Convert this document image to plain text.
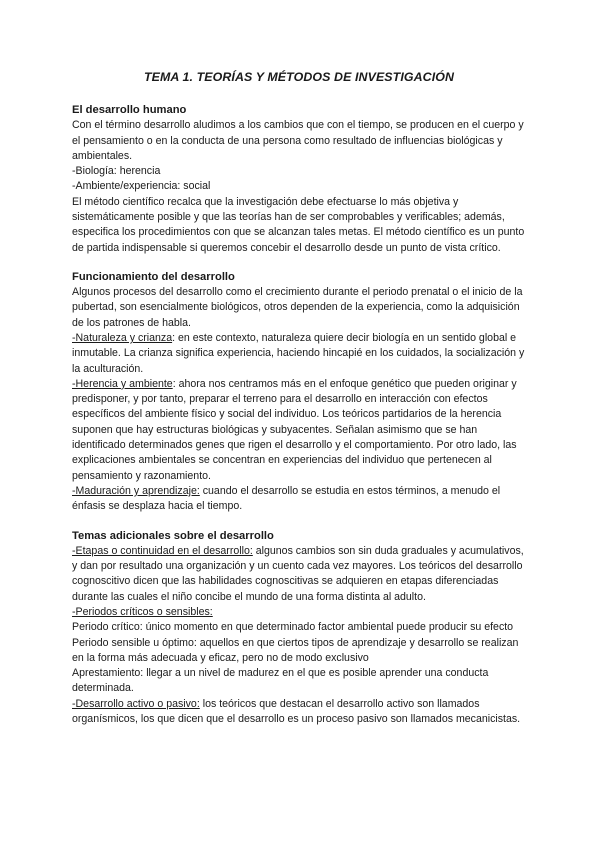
TEMA 1. TEORÍAS Y MÉTODOS DE INVESTIGACIÓN
El desarrollo humano

Con el término desarrollo aludimos a los cambios que con el tiempo, se producen en el cuerpo y el pensamiento o en la conducta de una persona como resultado de influencias biológicas y ambientales.

-Biología: herencia

-Ambiente/experiencia: social

El método científico recalca que la investigación debe efectuarse lo más objetiva y sistemáticamente posible y que las teorías han de ser comprobables y verificables; además, especifica los procedimientos con que se alcanzan tales metas. El método científico es un punto de partida indispensable si queremos concebir el desarrollo desde un punto de vista crítico.

Funcionamiento del desarrollo

Algunos procesos del desarrollo como el crecimiento durante el periodo prenatal o el inicio de la pubertad, son esencialmente biológicos, otros dependen de la experiencia, como la adquisición de los patrones de habla.

-Naturaleza y crianza: en este contexto, naturaleza quiere decir biología en un sentido global e inmutable. La crianza significa experiencia, haciendo hincapié en los cuidados, la socialización y la aculturación.

-Herencia y ambiente: ahora nos centramos más en el enfoque genético que pueden originar y predisponer, y por tanto, preparar el terreno para el desarrollo en interacción con efectos específicos del ambiente físico y social del individuo. Los teóricos partidarios de la herencia suponen que hay estructuras biológicas y subyacentes. Señalan asimismo que se han identificado determinados genes que rigen el desarrollo y el comportamiento. Por otro lado, las explicaciones ambientales se concentran en experiencias del individuo que pertenecen al pensamiento y razonamiento.

-Maduración y aprendizaje: cuando el desarrollo se estudia en estos términos, a menudo el énfasis se desplaza hacia el tiempo.

Temas adicionales sobre el desarrollo

-Etapas o continuidad en el desarrollo: algunos cambios son sin duda graduales y acumulativos, y dan por resultado una organización y un cuento cada vez mayores. Los teóricos del desarrollo cognoscitivo dicen que las habilidades cognoscitivas se adquieren en etapas diferenciadas durante las cuales el niño concibe el mundo de una forma distinta al adulto.

-Periodos críticos o sensibles:

Periodo crítico: único momento en que determinado factor ambiental puede producir su efecto

Periodo sensible u óptimo: aquellos en que ciertos tipos de aprendizaje y desarrollo se realizan en la forma más adecuada y eficaz, pero no de modo exclusivo

Aprestamiento: llegar a un nivel de madurez en el que es posible aprender una conducta determinada.

-Desarrollo activo o pasivo: los teóricos que destacan el desarrollo activo son llamados organísmicos, los que dicen que el desarrollo es un proceso pasivo son llamados mecanicistas.
